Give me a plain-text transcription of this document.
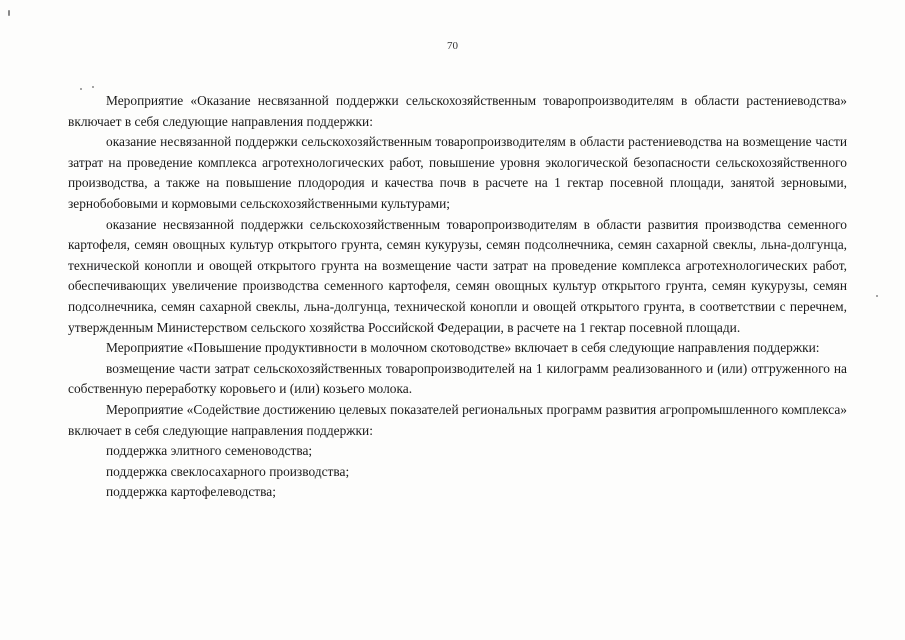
70

Мероприятие «Оказание несвязанной поддержки сельскохозяйственным товаропроизводителям в области растениеводства» включает в себя следующие направления поддержки:

оказание несвязанной поддержки сельскохозяйственным товаропроизводителям в области растениеводства на возмещение части затрат на проведение комплекса агротехнологических работ, повышение уровня экологической безопасности сельскохозяйственного производства, а также на повышение плодородия и качества почв в расчете на 1 гектар посевной площади, занятой зерновыми, зернобобовыми и кормовыми сельскохозяйственными культурами;

оказание несвязанной поддержки сельскохозяйственным товаропроизводителям в области развития производства семенного картофеля, семян овощных культур открытого грунта, семян кукурузы, семян подсолнечника, семян сахарной свеклы, льна-долгунца, технической конопли и овощей открытого грунта на возмещение части затрат на проведение комплекса агротехнологических работ, обеспечивающих увеличение производства семенного картофеля, семян овощных культур открытого грунта, семян кукурузы, семян подсолнечника, семян сахарной свеклы, льна-долгунца, технической конопли и овощей открытого грунта, в соответствии с перечнем, утвержденным Министерством сельского хозяйства Российской Федерации, в расчете на 1 гектар посевной площади.

Мероприятие «Повышение продуктивности в молочном скотоводстве» включает в себя следующие направления поддержки:

возмещение части затрат сельскохозяйственных товаропроизводителей на 1 килограмм реализованного и (или) отгруженного на собственную переработку коровьего и (или) козьего молока.

Мероприятие «Содействие достижению целевых показателей региональных программ развития агропромышленного комплекса» включает в себя следующие направления поддержки:

поддержка элитного семеноводства;

поддержка свеклосахарного производства;

поддержка картофелеводства;
